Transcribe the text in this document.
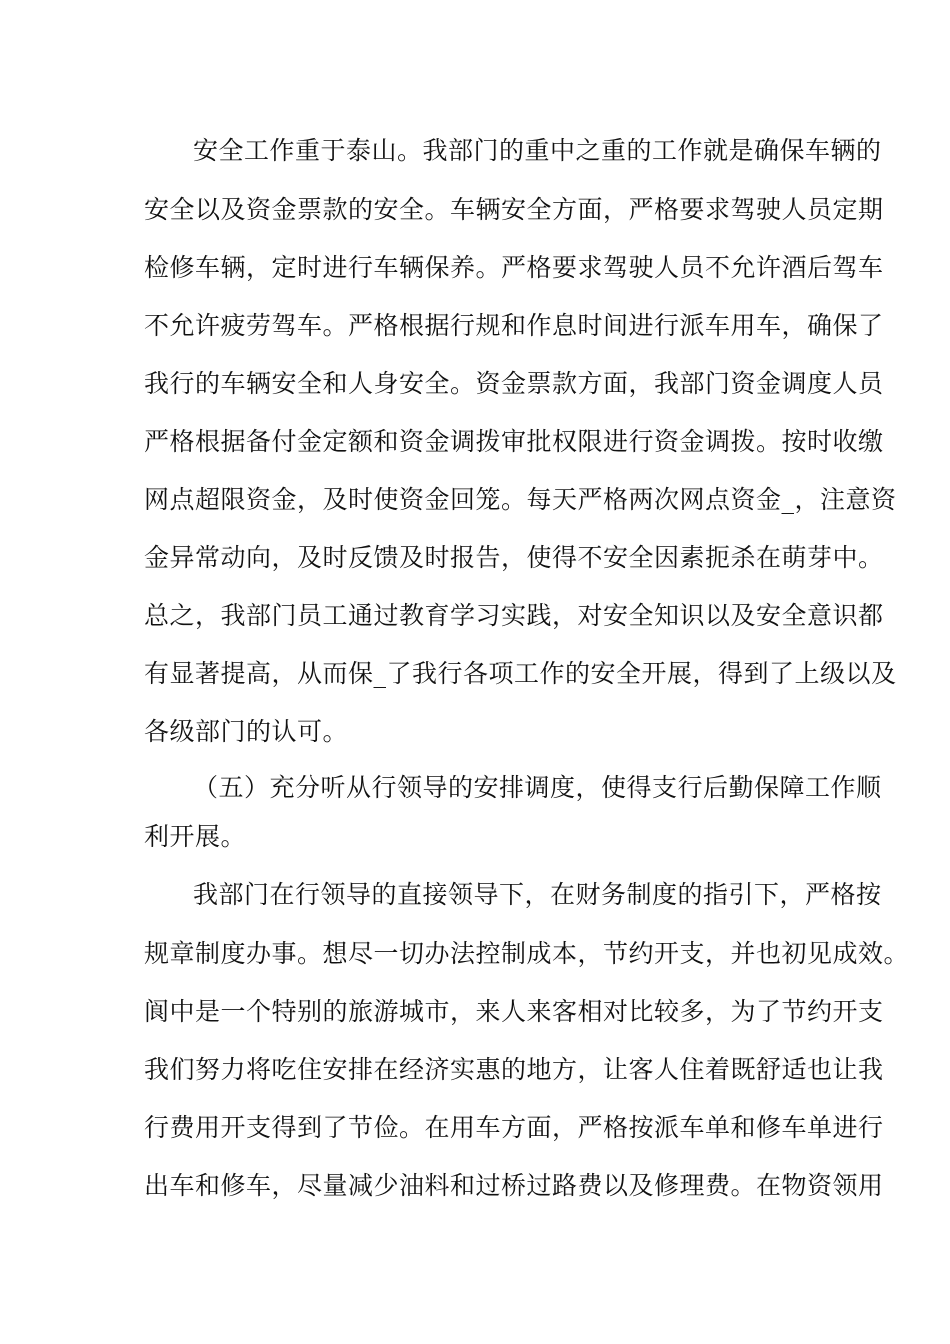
安全工作重于泰山。我部门的重中之重的工作就是确保车辆的
安全以及资金票款的安全。车辆安全方面，严格要求驾驶人员定期
检修车辆，定时进行车辆保养。严格要求驾驶人员不允许酒后驾车
不允许疲劳驾车。严格根据行规和作息时间进行派车用车，确保了
我行的车辆安全和人身安全。资金票款方面，我部门资金调度人员
严格根据备付金定额和资金调拨审批权限进行资金调拨。按时收缴
网点超限资金，及时使资金回笼。每天严格两次网点资金_，注意资
金异常动向，及时反馈及时报告，使得不安全因素扼杀在萌芽中。
总之，我部门员工通过教育学习实践，对安全知识以及安全意识都
有显著提高，从而保_了我行各项工作的安全开展，得到了上级以及
各级部门的认可。
（五）充分听从行领导的安排调度，使得支行后勤保障工作顺
利开展。
我部门在行领导的直接领导下，在财务制度的指引下，严格按
规章制度办事。想尽一切办法控制成本，节约开支，并也初见成效。
阆中是一个特别的旅游城市，来人来客相对比较多，为了节约开支
我们努力将吃住安排在经济实惠的地方，让客人住着既舒适也让我
行费用开支得到了节俭。在用车方面，严格按派车单和修车单进行
出车和修车，尽量减少油料和过桥过路费以及修理费。在物资领用
